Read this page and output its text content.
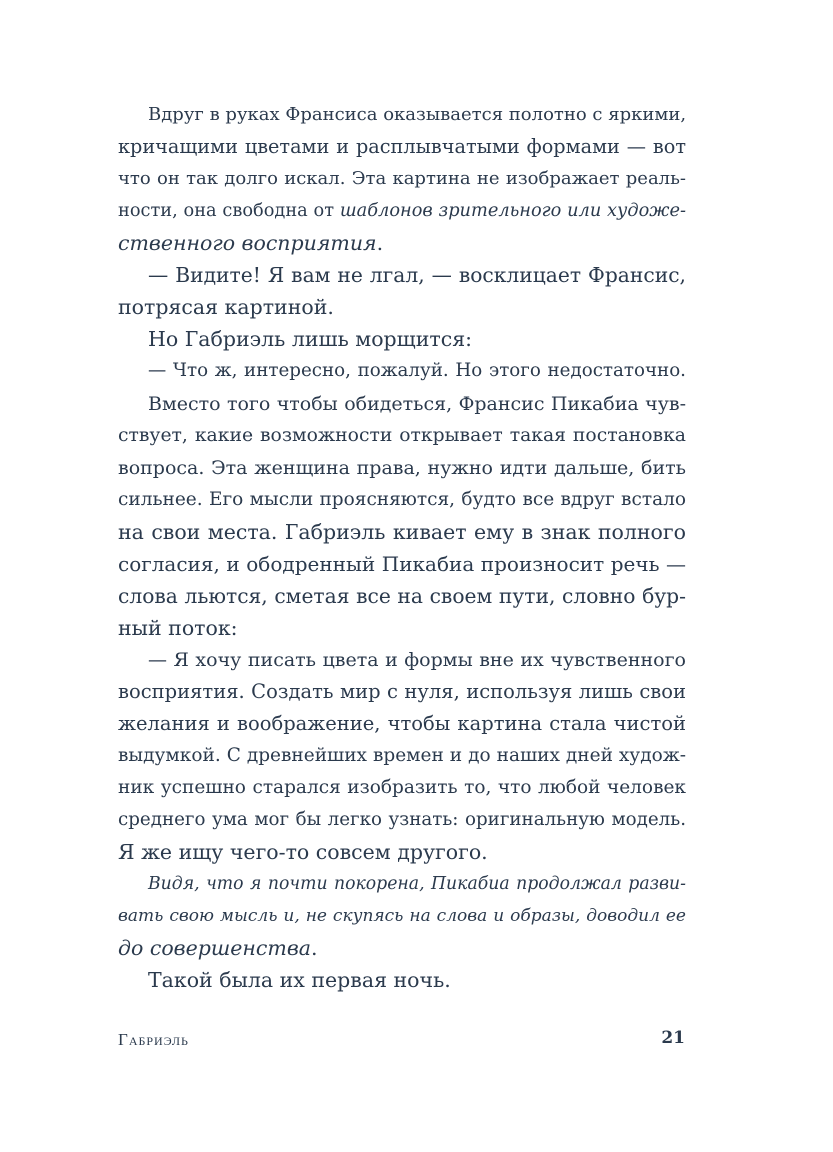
Вдруг в руках Франсиса оказывается полотно с яркими,
кричащими цветами и расплывчатыми формами — вот
что он так долго искал. Эта картина не изображает реаль-
ности, она свободна от шаблонов зрительного или художе-
ственного восприятия.
— Видите! Я вам не лгал, — восклицает Франсис,
потрясая картиной.
Но Габриэль лишь морщится:
— Что ж, интересно, пожалуй. Но этого недостаточно.
Вместо того чтобы обидеться, Франсис Пикабиа чув-
ствует, какие возможности открывает такая постановка
вопроса. Эта женщина права, нужно идти дальше, бить
сильнее. Его мысли проясняются, будто все вдруг встало
на свои места. Габриэль кивает ему в знак полного
согласия, и ободренный Пикабиа произносит речь —
слова льются, сметая все на своем пути, словно бур-
ный поток:
— Я хочу писать цвета и формы вне их чувственного
восприятия. Создать мир с нуля, используя лишь свои
желания и воображение, чтобы картина стала чистой
выдумкой. С древнейших времен и до наших дней худож-
ник успешно старался изобразить то, что любой человек
среднего ума мог бы легко узнать: оригинальную модель.
Я же ищу чего-то совсем другого.
Видя, что я почти покорена, Пикабиа продолжал разви-
вать свою мысль и, не скупясь на слова и образы, доводил ее
до совершенства.
Такой была их первая ночь.
Габриэль	21
